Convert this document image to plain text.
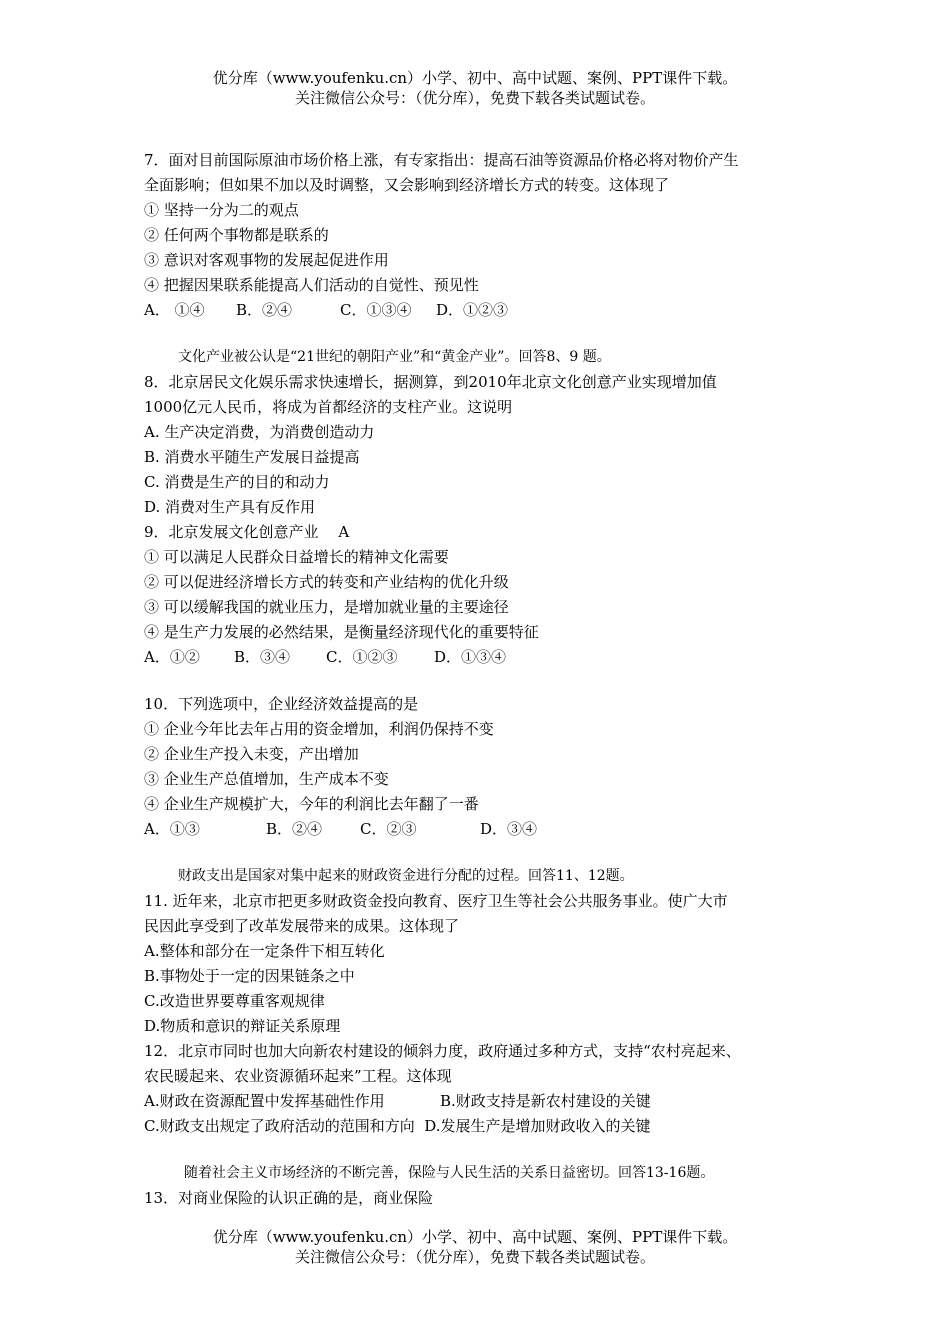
优分库（www.youfenku.cn）小学、初中、高中试题、案例、PPT课件下载。
关注微信公众号：（优分库），免费下载各类试题试卷。
7．面对目前国际原油市场价格上涨，有专家指出：提高石油等资源品价格必将对物价产生
全面影响；但如果不加以及时调整，又会影响到经济增长方式的转变。这体现了
① 坚持一分为二的观点
② 任何两个事物都是联系的
③ 意识对客观事物的发展起促进作用
④ 把握因果联系能提高人们活动的自觉性、预见性
A． ①④ B．②④	C．①③④ D．①②③
文化产业被公认是“21世纪的朝阳产业”和“黄金产业”。回答8、9 题。
8．北京居民文化娱乐需求快速增长，据测算，到2010年北京文化创意产业实现增加值
1000亿元人民币，将成为首都经济的支柱产业。这说明
A. 生产决定消费，为消费创造动力
B. 消费水平随生产发展日益提高
C. 消费是生产的目的和动力
D. 消费对生产具有反作用
9．北京发展文化创意产业　 A
① 可以满足人民群众日益增长的精神文化需要
② 可以促进经济增长方式的转变和产业结构的优化升级
③ 可以缓解我国的就业压力，是增加就业量的主要途径
④ 是生产力发展的必然结果，是衡量经济现代化的重要特征
A．①② B．③④ C．①②③ D．①③④
10．下列选项中，企业经济效益提高的是
① 企业今年比去年占用的资金增加，利润仍保持不变
② 企业生产投入未变，产出增加
③ 企业生产总值增加，生产成本不变
④ 企业生产规模扩大，今年的利润比去年翻了一番
A．①③	B．②④	C．②③	D．③④
财政支出是国家对集中起来的财政资金进行分配的过程。回答11、12题。
11. 近年来，北京市把更多财政资金投向教育、医疗卫生等社会公共服务事业。使广大市
民因此享受到了改革发展带来的成果。这体现了
A.整体和部分在一定条件下相互转化
B.事物处于一定的因果链条之中
C.改造世界要尊重客观规律
D.物质和意识的辩证关系原理
12．北京市同时也加大向新农村建设的倾斜力度，政府通过多种方式，支持“农村亮起来、
农民暖起来、农业资源循环起来”工程。这体现
A.财政在资源配置中发挥基础性作用	B.财政支持是新农村建设的关键
C.财政支出规定了政府活动的范围和方向 D.发展生产是增加财政收入的关键
随着社会主义市场经济的不断完善，保险与人民生活的关系日益密切。回答13-16题。
13．对商业保险的认识正确的是，商业保险
优分库（www.youfenku.cn）小学、初中、高中试题、案例、PPT课件下载。
关注微信公众号：（优分库），免费下载各类试题试卷。
